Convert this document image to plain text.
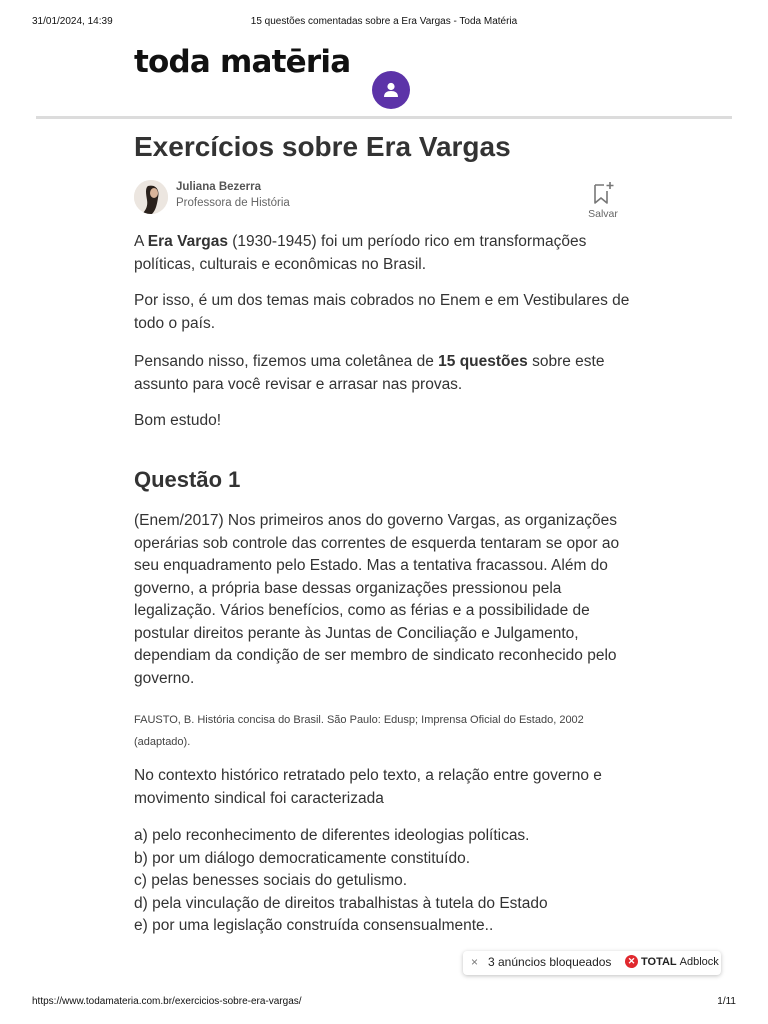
31/01/2024, 14:39	15 questões comentadas sobre a Era Vargas - Toda Matéria
toda matēria
Exercícios sobre Era Vargas
Juliana Bezerra
Professora de História
Salvar

A Era Vargas (1930-1945) foi um período rico em transformações políticas, culturais e econômicas no Brasil.

Por isso, é um dos temas mais cobrados no Enem e em Vestibulares de todo o país.

Pensando nisso, fizemos uma coletânea de 15 questões sobre este assunto para você revisar e arrasar nas provas.

Bom estudo!

Questão 1

(Enem/2017) Nos primeiros anos do governo Vargas, as organizações operárias sob controle das correntes de esquerda tentaram se opor ao seu enquadramento pelo Estado. Mas a tentativa fracassou. Além do governo, a própria base dessas organizações pressionou pela legalização. Vários benefícios, como as férias e a possibilidade de postular direitos perante às Juntas de Conciliação e Julgamento, dependiam da condição de ser membro de sindicato reconhecido pelo governo.

FAUSTO, B. História concisa do Brasil. São Paulo: Edusp; Imprensa Oficial do Estado, 2002 (adaptado).

No contexto histórico retratado pelo texto, a relação entre governo e movimento sindical foi caracterizada

a) pelo reconhecimento de diferentes ideologias políticas.
b) por um diálogo democraticamente constituído.
c) pelas benesses sociais do getulismo.
d) pela vinculação de direitos trabalhistas à tutela do Estado
e) por uma legislação construída consensualmente..
× 3 anúncios bloqueados	✕ TOTAL Adblock
https://www.todamateria.com.br/exercicios-sobre-era-vargas/	1/11
